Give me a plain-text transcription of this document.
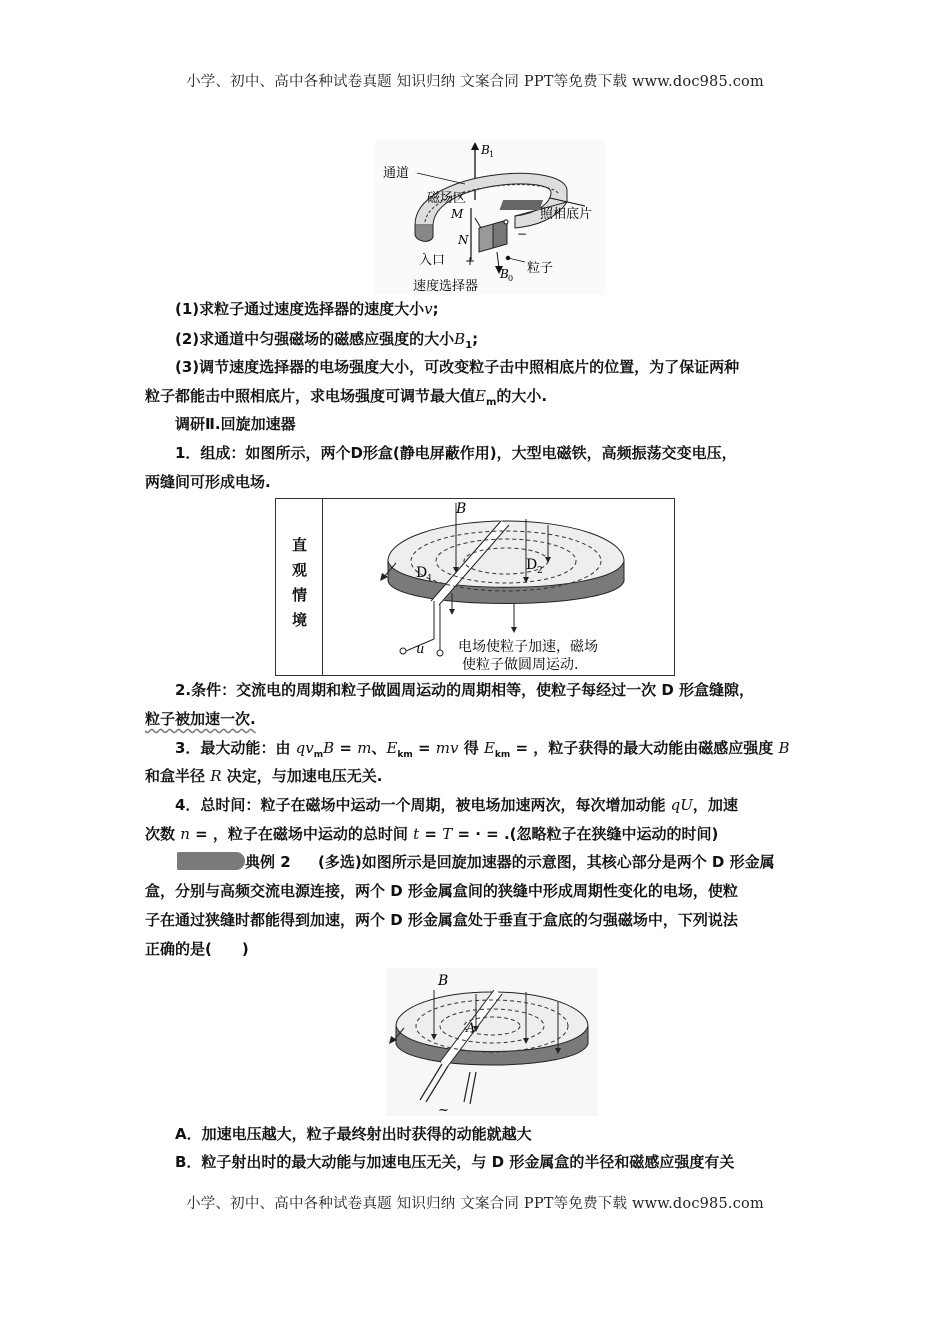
小学、初中、高中各种试卷真题 知识归纳 文案合同 PPT等免费下载 www.doc985.com
B 1
照相底片
通道
磁场区
M
N
+
−
B 0
粒子
入口
速度选择器
(1)求粒子通过速度选择器的速度大小v;
(2)求通道中匀强磁场的磁感应强度的大小$B_1$;
(3)调节速度选择器的电场强度大小，可改变粒子击中照相底片的位置，为了保证两种
粒子都能击中照相底片，求电场强度可调节最大值$E_m$的大小.
调研Ⅱ.回旋加速器
1．组成：如图所示，两个D形盒(静电屏蔽作用)，大型电磁铁，高频振荡交变电压，
两缝间可形成电场.
直观情境
B
D 1
D 2
u 电场使粒子加速，磁场
使粒子做圆周运动.
2.条件：交流电的周期和粒子做圆周运动的周期相等，使粒子每经过一次 D 形盒缝隙，
粒子被加速一次.
3．最大动能：由 $qv_mB = m$、$E_{km}$ = mv 得 $E_{km}$ = ，粒子获得的最大动能由磁感应强度 B
和盒半径 R 决定，与加速电压无关.
4．总时间：粒子在磁场中运动一个周期，被电场加速两次，每次增加动能 qU，加速
次数 n = ，粒子在磁场中运动的总时间 t = T = · = .(忽略粒子在狭缝中运动的时间)
典例 2 (多选)如图所示是回旋加速器的示意图，其核心部分是两个 D 形金属
盒，分别与高频交流电源连接，两个 D 形金属盒间的狭缝中形成周期性变化的电场，使粒
子在通过狭缝时都能得到加速，两个 D 形金属盒处于垂直于盒底的匀强磁场中，下列说法
正确的是(　　)
B
A
~
A．加速电压越大，粒子最终射出时获得的动能就越大
B．粒子射出时的最大动能与加速电压无关，与 D 形金属盒的半径和磁感应强度有关
小学、初中、高中各种试卷真题 知识归纳 文案合同 PPT等免费下载 www.doc985.com
